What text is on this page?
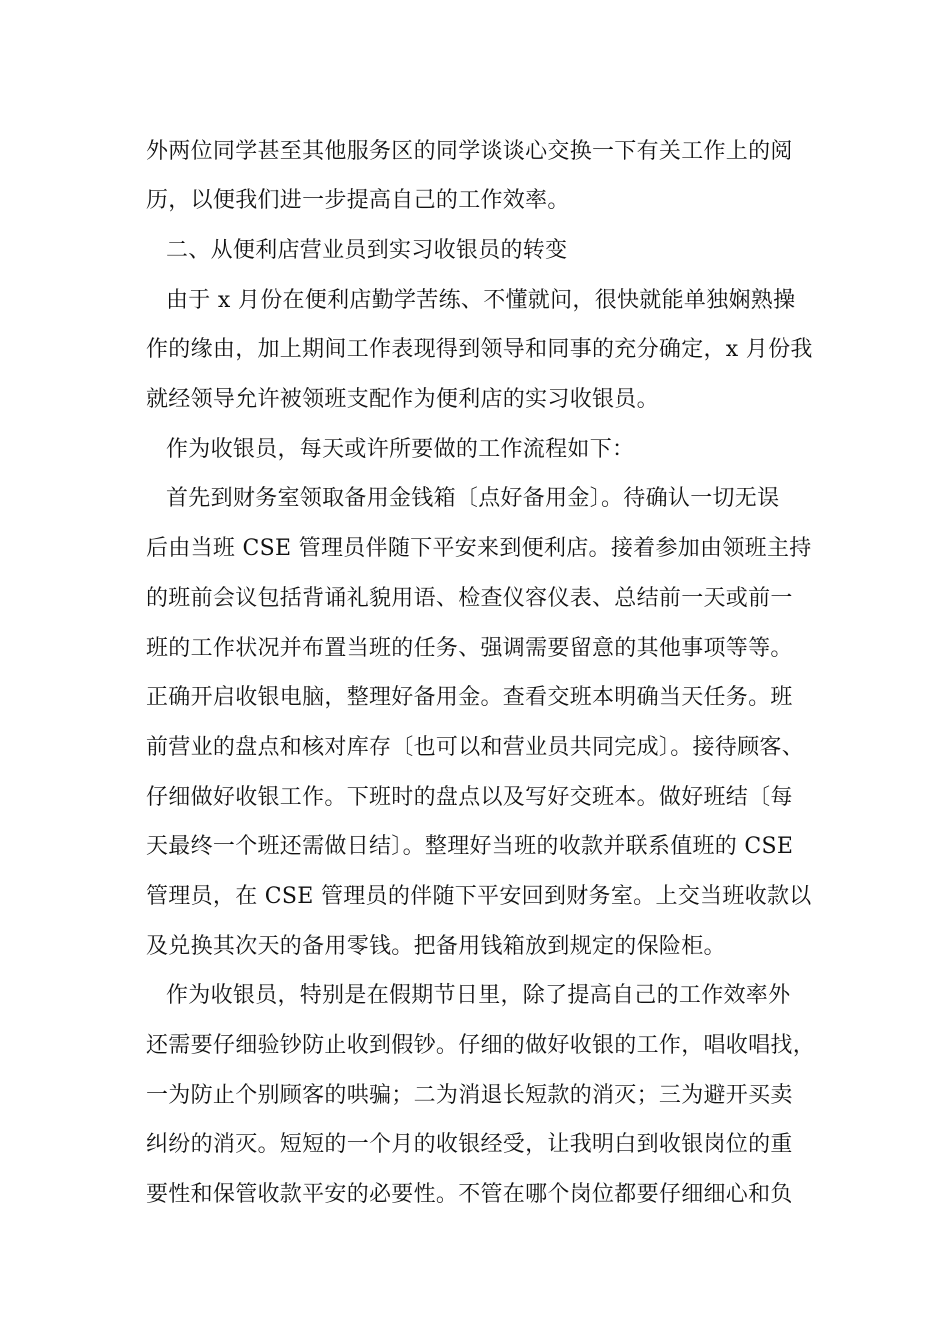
外两位同学甚至其他服务区的同学谈谈心交换一下有关工作上的阅
历，以便我们进一步提高自己的工作效率。
二、从便利店营业员到实习收银员的转变
由于 x 月份在便利店勤学苦练、不懂就问，很快就能单独娴熟操
作的缘由，加上期间工作表现得到领导和同事的充分确定，x 月份我
就经领导允许被领班支配作为便利店的实习收银员。
作为收银员，每天或许所要做的工作流程如下：
首先到财务室领取备用金钱箱〔点好备用金〕。待确认一切无误
后由当班 CSE 管理员伴随下平安来到便利店。接着参加由领班主持
的班前会议包括背诵礼貌用语、检查仪容仪表、总结前一天或前一
班的工作状况并布置当班的任务、强调需要留意的其他事项等等。
正确开启收银电脑，整理好备用金。查看交班本明确当天任务。班
前营业的盘点和核对库存〔也可以和营业员共同完成〕。接待顾客、
仔细做好收银工作。下班时的盘点以及写好交班本。做好班结〔每
天最终一个班还需做日结〕。整理好当班的收款并联系值班的 CSE
管理员，在 CSE 管理员的伴随下平安回到财务室。上交当班收款以
及兑换其次天的备用零钱。把备用钱箱放到规定的保险柜。
作为收银员，特别是在假期节日里，除了提高自己的工作效率外
还需要仔细验钞防止收到假钞。仔细的做好收银的工作，唱收唱找，
一为防止个别顾客的哄骗；二为消退长短款的消灭；三为避开买卖
纠纷的消灭。短短的一个月的收银经受，让我明白到收银岗位的重
要性和保管收款平安的必要性。不管在哪个岗位都要仔细细心和负
